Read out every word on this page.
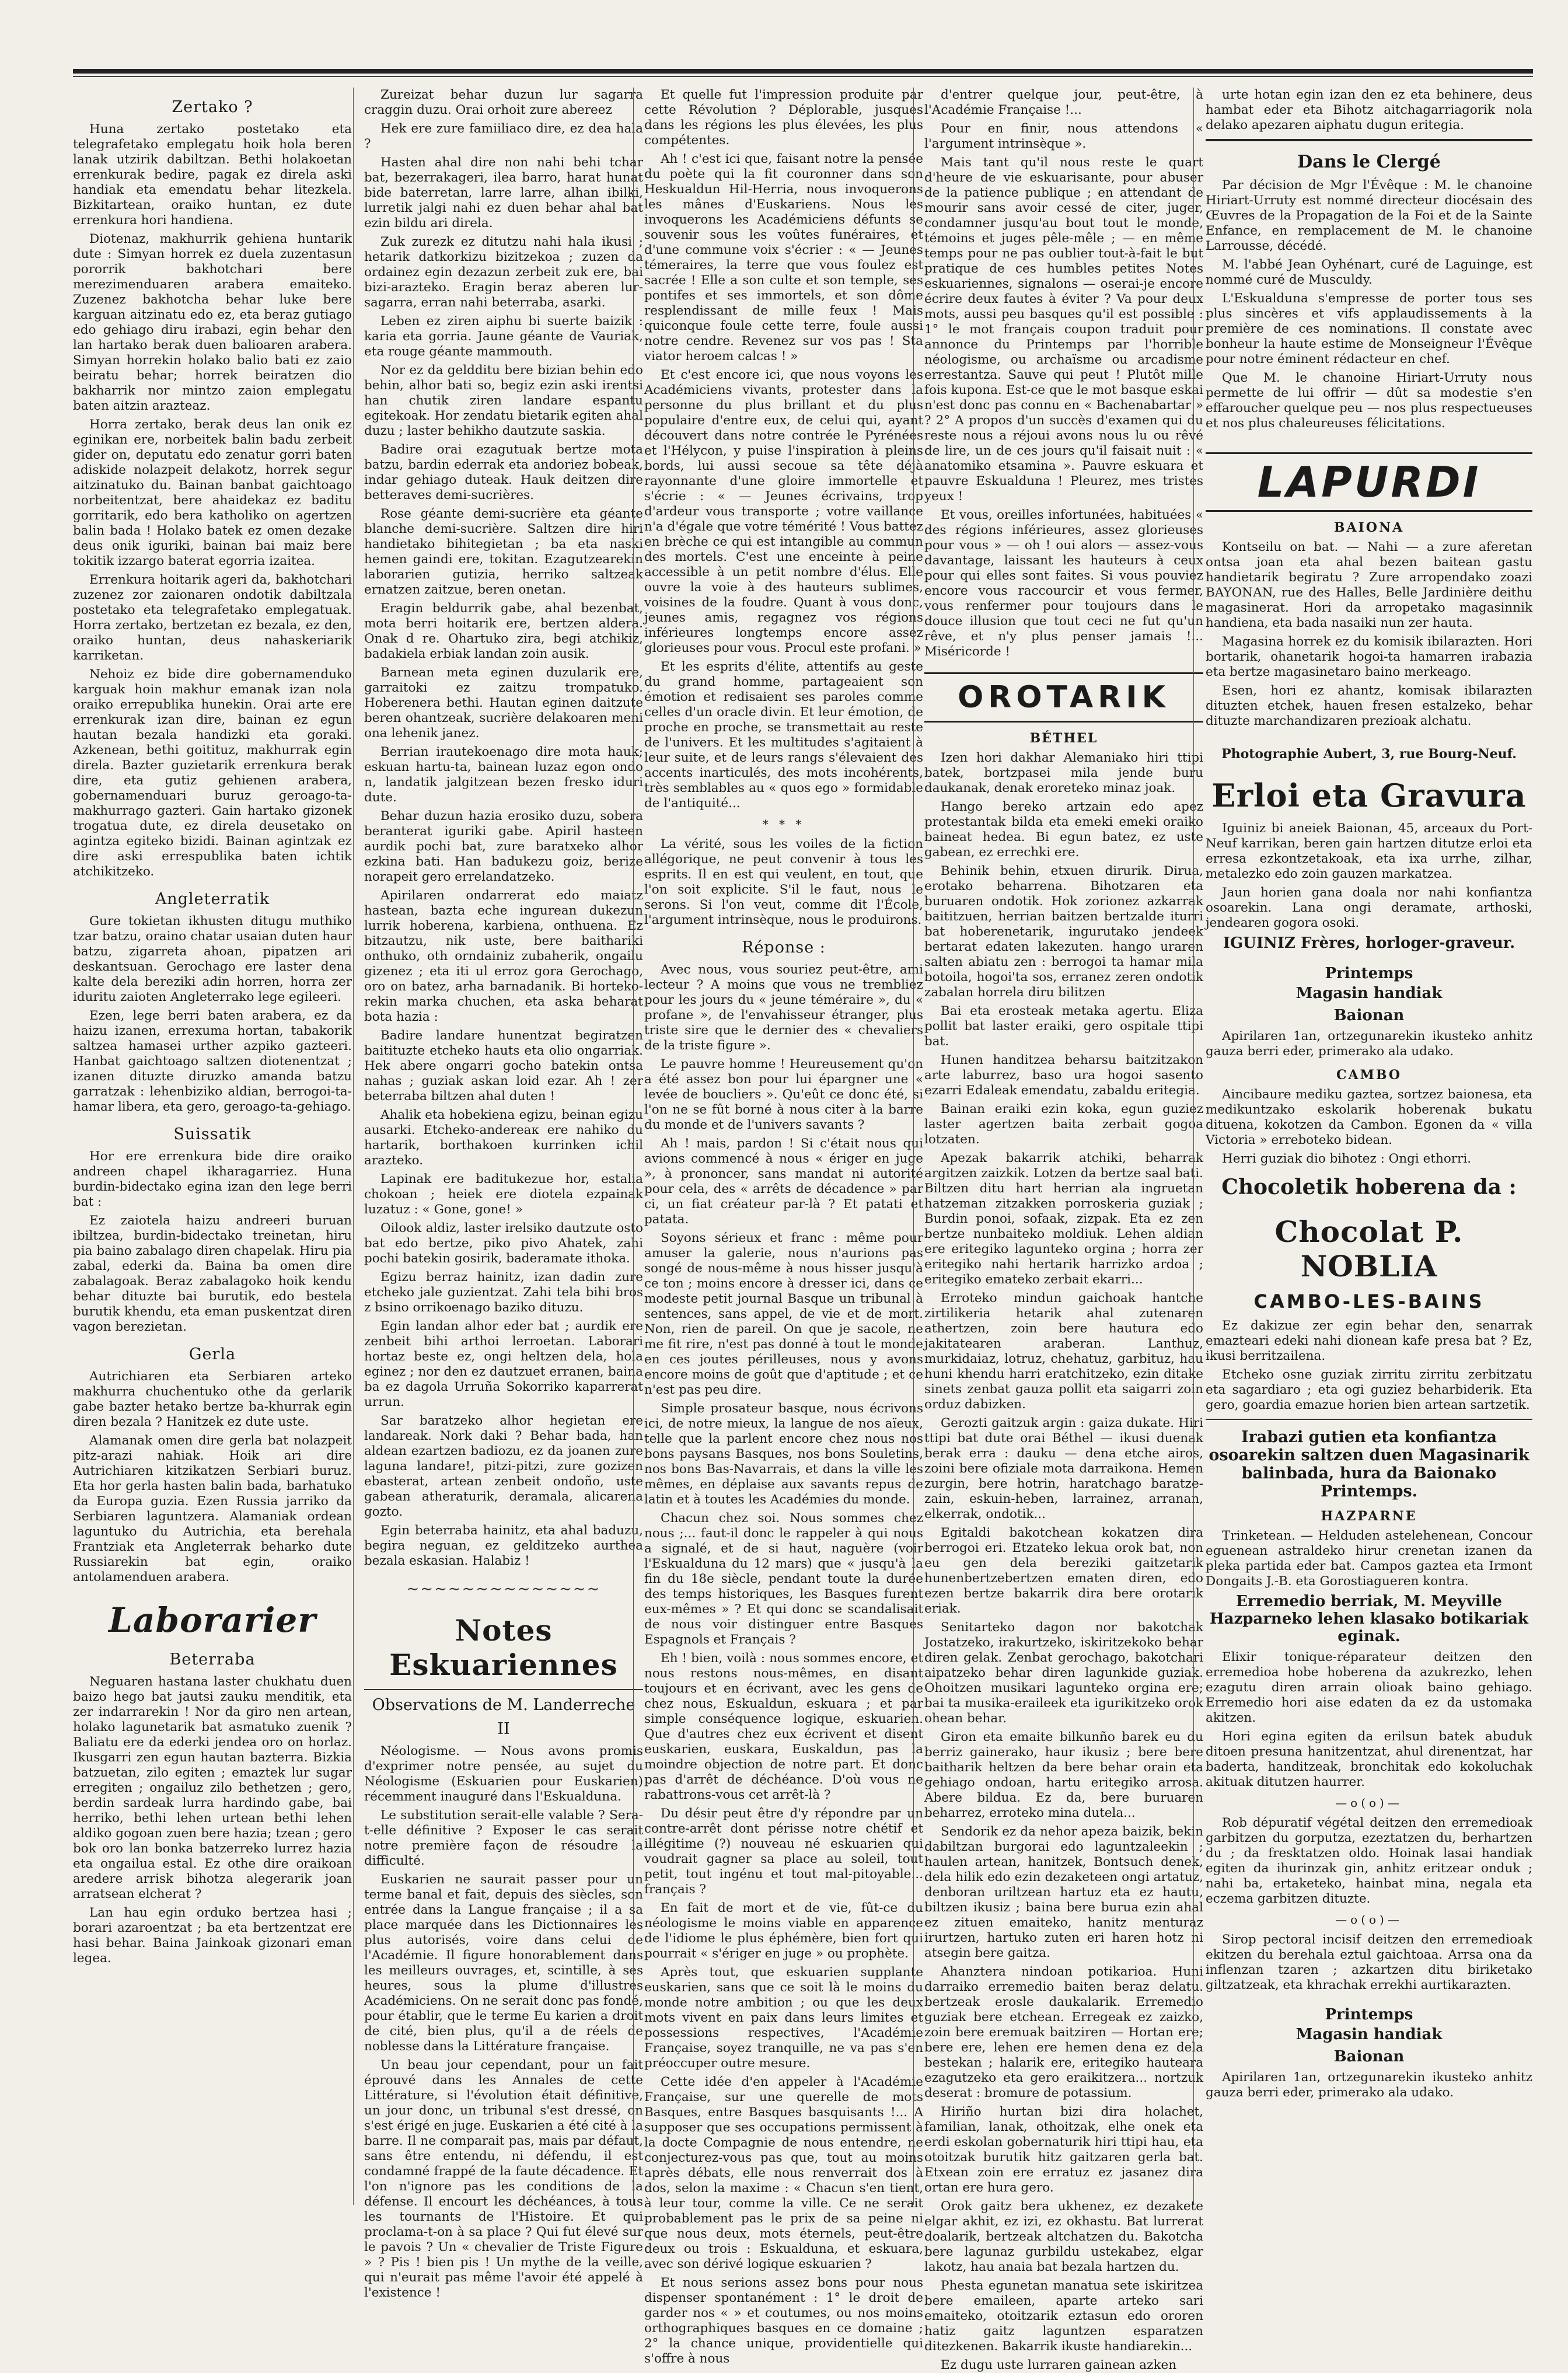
Zertako ?

Huna zertako postetako eta telegrafetako emplegatu hoik hola beren lanak utzirik dabiltzan. Bethi holakoetan errenkurak bedire, pagak ez direla aski handiak eta emendatu behar litezkela. Bizkitartean, oraiko huntan, ez dute errenkura hori handiena.

Diotenaz, makhurrik gehiena huntarik dute : Simyan horrek ez duela zuzentasun pororrik bakhotchari bere merezimenduaren arabera emaiteko. Zuzenez bakhotcha behar luke bere karguan aitzinatu edo ez, eta beraz gutiago edo gehiago diru irabazi, egin behar den lan hartako berak duen balioaren arabera. Simyan horrekin holako balio bati ez zaio beiratu behar; horrek beiratzen dio bakharrik nor mintzo zaion emplegatu baten aitzin arazteaz.

Horra zertako, berak deus lan onik ez eginikan ere, norbeitek balin badu zerbeit gider on, deputatu edo zenatur gorri baten adiskide nolazpeit delakotz, horrek segur aitzinatuko du. Bainan banbat gaichtoago norbeitentzat, bere ahaidekaz ez baditu gorritarik, edo bera katholiko on agertzen balin bada ! Holako batek ez omen dezake deus onik iguriki, bainan bai maiz bere tokitik izzargo baterat egorria izaitea.

Errenkura hoitarik ageri da, bakhotchari zuzenez zor zaionaren ondotik dabiltzala postetako eta telegrafetako emplegatuak. Horra zertako, bertzetan ez bezala, ez den, oraiko huntan, deus nahaskeriarik karriketan.

Nehoiz ez bide dire gobernamenduko karguak hoin makhur emanak izan nola oraiko errepublika hunekin. Orai arte ere errenkurak izan dire, bainan ez egun hautan bezala handizki eta goraki. Azkenean, bethi goitituz, makhurrak egin direla. Bazter guzietarik errenkura berak dire, eta gutiz gehienen arabera, gobernamenduari buruz geroago-ta-makhurrago gazteri. Gain hartako gizonek trogatua dute, ez direla deusetako on agintza egiteko bizidi. Bainan agintzak ez dire aski errespublika baten ichtik atchikitzeko.

Angleterratik

Gure tokietan ikhusten ditugu muthiko tzar batzu, oraino chatar usaian duten haur batzu, zigarreta ahoan, pipatzen ari deskantsuan. Gerochago ere laster dena kalte dela bereziki adin horren, horra zer iduritu zaioten Angleterrako lege egileeri.

Ezen, lege berri baten arabera, ez da haizu izanen, errexuma hortan, tabakorik saltzea hamasei urther azpiko gazteeri. Hanbat gaichtoago saltzen diotenentzat ; izanen dituzte diruzko amanda batzu garratzak : lehenbiziko aldian, berrogoi-ta-hamar libera, eta gero, geroago-ta-gehiago.

Suissatik

Hor ere errenkura bide dire oraiko andreen chapel ikharagarriez. Huna burdin-bidectako egina izan den lege berri bat :

Ez zaiotela haizu andreeri buruan ibiltzea, burdin-bidectako treinetan, hiru pia baino zabalago diren chapelak. Hiru pia zabal, ederki da. Baina ba omen dire zabalagoak. Beraz zabalagoko hoik kendu behar dituzte bai burutik, edo bestela burutik khendu, eta eman puskentzat diren vagon berezietan.

Gerla

Autrichiaren eta Serbiaren arteko makhurra chuchentuko othe da gerlarik gabe bazter hetako bertze ba-khurrak egin diren bezala ? Hanitzek ez dute uste.

Alamanak omen dire gerla bat nolazpeit pitz-arazi nahiak. Hoik ari dire Autrichiaren kitzikatzen Serbiari buruz. Eta hor gerla hasten balin bada, barhatuko da Europa guzia. Ezen Russia jarriko da Serbiaren laguntzera. Alamaniak ordean laguntuko du Autrichia, eta berehala Frantziak eta Angleterrak beharko dute Russiarekin bat egin, oraiko antolamenduen arabera.

Laborarier
Beterraba

Neguaren hastana laster chukhatu duen baizo hego bat jautsi zauku menditik, eta zer indarrarekin ! Nor da giro nen artean, holako lagunetarik bat asmatuko zuenik ? Baliatu ere da ederki jendea oro on horlaz. Ikusgarri zen egun hautan bazterra. Bizkia batzuetan, zilo egiten ; emaztek lur sugar erregiten ; ongailuz zilo bethetzen ; gero, berdin sardeak lurra hardindo gabe, bai herriko, bethi lehen urtean bethi lehen aldiko gogoan zuen bere hazia; tzean ; gero bok oro lan bonka batzerreko lurrez hazia eta ongailua estal. Ez othe dire oraikoan aredere arrisk bihotza alegerarik joan arratsean elcherat ?

Lan hau egin orduko bertzea hasi ; borari azaroentzat ; ba eta bertzentzat ere hasi behar. Baina Jainkoak gizonari eman legea.

Zureizat behar duzun lur sagarra craggin duzu. Orai orhoit zure abereez

Hek ere zure famiiliaco dire, ez dea hala ?

Hasten ahal dire non nahi behi tchar bat, bezerrakageri, ilea barro, harat hunat bide baterretan, larre larre, alhan ibilki, lurretik jalgi nahi ez duen behar ahal bat ezin bildu ari direla.

Zuk zurezk ez ditutzu nahi hala ikusi ; hetarik datkorkizu bizitzekoa ; zuzen da ordainez egin dezazun zerbeit zuk ere, bai bizi-arazteko. Eragin beraz aberen lur-sagarra, erran nahi beterraba, asarki.

Leben ez ziren aiphu bi suerte baizik : karia eta gorria. Jaune géante de Vauriak, eta rouge géante mammouth.

Nor ez da geldditu bere bizian behin edo behin, alhor bati so, begiz ezin aski irentsi han chutik ziren landare espantu egitekoak. Hor zendatu bietarik egiten ahal duzu ; laster behikho dautzute saskia.

Badire orai ezagutuak bertze mota batzu, bardin ederrak eta andoriez bobeak, indar gehiago duteak. Hauk deitzen dire betteraves demi-sucrières.

Rose géante demi-sucrière eta géante blanche demi-sucrière. Saltzen dire hiri handietako bihitegietan ; ba eta naski hemen gaindi ere, tokitan. Ezagutzearekin laborarien gutizia, herriko saltzeak ernatzen zaitzue, beren onetan.

Eragin beldurrik gabe, ahal bezenbat, mota berri hoitarik ere, bertzen aldera. Onak d re. Ohartuko zira, begi atchikiz, badakiela erbiak landan zoin ausik.

Barnean meta eginen duzularik ere, garraitoki ez zaitzu trompatuko. Hoberenera bethi. Hautan eginen daitzute beren ohantzeak, sucrière delakoaren meni ona lehenik janez.

Berrian irautekoenago dire mota hauk; eskuan hartu-ta, bainean luzaz egon ondo n, landatik jalgitzean bezen fresko iduri dute.

Behar duzun hazia erosiko duzu, sobera beranterat iguriki gabe. Apiril hasteen aurdik pochi bat, zure baratxeko alhor ezkina bati. Han badukezu goiz, berize norapeit gero errelandatzeko.

Apirilaren ondarrerat edo maiatz hastean, bazta eche ingurean dukezun lurrik hoberena, karbiena, onthuena. Ez bitzautzu, nik uste, bere baithariki onthuko, oth orndainiz zubaherik, ongailu gizenez ; eta iti ul erroz gora Gerochago, oro on batez, arha barnadanik. Bi horteko-rekin marka chuchen, eta aska beharat bota hazia :

Badire landare hunentzat begiratzen baitituzte etcheko hauts eta olio ongarriak. Hek abere ongarri gocho batekin ontsa nahas ; guziak askan loid ezar. Ah ! zer beterraba biltzen ahal duten !

Ahalik eta hobekiena egizu, beinan egizu ausarki. Etcheko-anderеак ere nahiko du hartarik, borthakoen kurrinken ichil arazteko.

Lapinak ere baditukezue hor, estalia chokoan ; heiek ere diotela ezpainak luzatuz : « Gone, gone! »

Oilook aldiz, laster irelsiko dautzute osto bat edo bertze, piko pivo Ahatek, zahi pochi batekin gosirik, baderamate ithoka.

Egizu berraz hainitz, izan dadin zure etcheko jale guzientzat. Zahi tela bihi bros z bsino orrikoenago baziko dituzu.

Egin landan alhor eder bat ; aurdik ere zenbeit bihi arthoi lerroetan. Laborari hortaz beste ez, ongi heltzen dela, hola eginez ; nor den ez dautzuet erranen, baina ba ez dagola Urruña Sokorriko kaparrerat urrun.

Sar baratzeko alhor hegietan ere landareak. Nork daki ? Behar bada, han aldean ezartzen badiozu, ez da joanen zure laguna landare!, pitzi-pitzi, zure gozizen ebasterat, artean zenbeit ondoño, uste gabean atheraturik, deramala, alicarenа gozto.

Egin beterraba hainitz, eta ahal baduzu, begira neguan, ez gelditzeko aurthea bezala eskasian. Halabiz !

∼∼∼∼∼∼∼∼∼∼∼∼∼∼
Notes Eskuariennes
Observations de M. Landerreche
II

Néologisme. — Nous avons promis d'exprimer notre pensée, au sujet du Néologisme (Eskuarien pour Euskarien) récemment inauguré dans l'Eskualduna.

Le substitution serait-elle valable ? Sera-t-elle définitive ? Exposer le cas serait notre première façon de résoudre la difficulté.

Euskarien ne saurait passer pour un terme banal et fait, depuis des siècles, son entrée dans la Langue française ; il a sa place marquée dans les Dictionnaires les plus autorisés, voire dans celui de l'Académie. Il figure honorablement dans les meilleurs ouvrages, et, scintille, à ses heures, sous la plume d'illustres Académiciens. On ne serait donc pas fondé, pour établir, que le terme Eu karien a droit de cité, bien plus, qu'il a de réels de noblesse dans la Littérature française.

Un beau jour cependant, pour un fait éprouvé dans les Annales de cette Littérature, si l'évolution était définitive, un jour donc, un tribunal s'est dressé, on s'est érigé en juge. Euskarien a été cité à la barre. Il ne comparait pas, mais par défaut, sans être entendu, ni défendu, il est condamné frappé de la faute décadence. Et l'on n'ignore pas les conditions de la défense. Il encourt les déchéances, à tous les tournants de l'Histoire. Et qui proclama-t-on à sa place ? Qui fut élevé sur le pavois ? Un « chevalier de Triste Figure » ? Pis ! bien pis ! Un mythe de la veille, qui n'eurait pas même l'avoir été appelé à l'existence !

Et quelle fut l'impression produite par cette Révolution ? Déplorable, jusques dans les régions les plus élevées, les plus compétentes.

Ah ! c'est ici que, faisant notre la pensée du poète qui la fit couronner dans son Heskualdun Hil-Herria, nous invoquerons les mânes d'Euskariens. Nous les invoquerons les Académiciens défunts se souvenir sous les voûtes funéraires, et d'une commune voix s'écrier : « — Jeunes témeraires, la terre que vous foulez est sacrée ! Elle a son culte et son temple, ses pontifes et ses immortels, et son dôme resplendissant de mille feux ! Mais quiconque foule cette terre, foule aussi notre cendre. Revenez sur vos pas ! Sta viator heroem calcas ! »

Et c'est encore ici, que nous voyons les Académiciens vivants, protester dans la personne du plus brillant et du plus populaire d'entre eux, de celui qui, ayant découvert dans notre contrée le Pyrénées et l'Hélycon, y puise l'inspiration à pleins bords, lui aussi secoue sa tête déjà rayonnante d'une gloire immortelle et s'écrie : « — Jeunes écrivains, trop d'ardeur vous transporte ; votre vaillance n'a d'égale que votre témérité ! Vous battez en brèche ce qui est intangible au commun des mortels. C'est une enceinte à peine accessible à un petit nombre d'élus. Elle ouvre la voie à des hauteurs sublimes, voisines de la foudre. Quant à vous donc, jeunes amis, regagnez vos régions inférieures longtemps encore assez glorieuses pour vous. Procul este profani. »

Et les esprits d'élite, attentifs au geste du grand homme, partageaient son émotion et redisaient ses paroles comme celles d'un oracle divin. Et leur émotion, de proche en proche, se transmettait au reste de l'univers. Et les multitudes s'agitaient à leur suite, et de leurs rangs s'élevaient des accents inarticulés, des mots incohérents, très semblables au « quos ego » formidable de l'antiquité...

* * *

La vérité, sous les voiles de la fiction allégorique, ne peut convenir à tous les esprits. Il en est qui veulent, en tout, que l'on soit explicite. S'il le faut, nous le serons. Si l'on veut, comme dit l'École, l'argument intrinsèque, nous le produirons.

Réponse :

Avec nous, vous souriez peut-être, ami lecteur ? A moins que vous ne trembliez pour les jours du « jeune téméraire », du « profane », de l'envahisseur étranger, plus triste sire que le dernier des « chevaliers de la triste figure ».

Le pauvre homme ! Heureusement qu'on a été assez bon pour lui épargner une « levée de boucliers ». Qu'eût ce donc été, si l'on ne se fût borné à nous citer à la barre du monde et de l'univers savants ?

Ah ! mais, pardon ! Si c'était nous qui avions commencé à nous « ériger en juge », à prononcer, sans mandat ni autorité pour cela, des « arrêts de décadence » par ci, un fiat créateur par-là ? Et patati et patata.

Soyons sérieux et franc : même pour amuser la galerie, nous n'aurions pas songé de nous-même à nous hisser jusqu'à ce ton ; moins encore à dresser ici, dans ce modeste petit journal Basque un tribunal à sentences, sans appel, de vie et de mort. Non, rien de pareil. On que je sacole, ne me fit rire, n'est pas donné à tout le monde en ces joutes périlleuses, nous y avons encore moins de goût que d'aptitude ; et ce n'est pas peu dire.

Simple prosateur basque, nous écrivons ici, de notre mieux, la langue de nos aïeux, telle que la parlent encore chez nous nos bons paysans Basques, nos bons Souletins, nos bons Bas-Navarrais, et dans la ville les mêmes, en déplaise aux savants repus de latin et à toutes les Académies du monde.

Chacun chez soi. Nous sommes chez nous ;... faut-il donc le rappeler à qui nous a signalé, et de si haut, naguère (voir l'Eskualduna du 12 mars) que « jusqu'à la fin du 18e siècle, pendant toute la durée des temps historiques, les Basques furent eux-mêmes » ? Et qui donc se scandalisait de nous voir distinguer entre Basques Espagnols et Français ?

Eh ! bien, voilà : nous sommes encore, et nous restons nous-mêmes, en disant toujours et en écrivant, avec les gens de chez nous, Eskualdun, eskuara ; et par simple conséquence logique, eskuarien. Que d'autres chez eux écrivent et disent euskarien, euskara, Euskaldun, pas la moindre objection de notre part. Et donc pas d'arrêt de déchéance. D'où vous ne rabattrons-vous cet arrêt-là ?

Du désir peut être d'y répondre par un contre-arrêt dont périsse notre chétif et illégitime (?) nouveau né eskuarien qui voudrait gagner sa place au soleil, tout petit, tout ingénu et tout mal-pitoyable... français ?

En fait de mort et de vie, fût-ce du néologisme le moins viable en apparence de l'idiome le plus éphémère, bien fort qui pourrait « s'ériger en juge » ou prophète.

Après tout, que eskuarien supplante euskarien, sans que ce soit là le moins du monde notre ambition ; ou que les deux mots vivent en paix dans leurs limites et possessions respectives, l'Académie Française, soyez tranquille, ne va pas s'en préoccuper outre mesure.

Cette idée d'en appeler à l'Académie Française, sur une querelle de mots Basques, entre Basques basquisants !... A supposer que ses occupations permissent à la docte Compagnie de nous entendre, ne conjecturez-vous pas que, tout au moins après débats, elle nous renverrait dos à dos, selon la maxime : « Chacun s'en tient, à leur tour, comme la ville. Ce ne serait probablement pas le prix de sa peine ni que nous deux, mots éternels, peut-être deux ou trois : Eskualduna, et eskuara, avec son dérivé logique eskuarien ?

Et nous serions assez bons pour nous dispenser spontanément : 1° le droit de garder nos « » et coutumes, ou nos moins orthographiques basques en ce domaine ; 2° la chance unique, providentielle qui s'offre à nous

d'entrer quelque jour, peut-être, à l'Académie Française !...

Pour en finir, nous attendons « l'argument intrinsèque ».

Mais tant qu'il nous reste le quart d'heure de vie eskuarisante, pour abuser de la patience publique ; en attendant de mourir sans avoir cessé de citer, juger, condamner jusqu'au bout tout le monde, témoins et juges pêle-mêle ; — en même temps pour ne pas oublier tout-à-fait le but pratique de ces humbles petites Notes eskuariennes, signalons — oserai-je encore écrire deux fautes à éviter ? Va pour deux mots, aussi peu basques qu'il est possible : 1° le mot français coupon traduit pour annonce du Printemps par l'horrible néologisme, ou archaïsme ou arcadisme errestantza. Sauve qui peut ! Plutôt mille fois kupona. Est-ce que le mot basque eskai n'est donc pas connu en « Bachenabartar » ? 2° A propos d'un succès d'examen qui du reste nous a réjoui avons nous lu ou rêvé de lire, un de ces jours qu'il faisait nuit : « anatomiko etsamina ». Pauvre eskuara et pauvre Eskualduna ! Pleurez, mes tristes yeux !

Et vous, oreilles infortunées, habituées « des régions inférieures, assez glorieuses pour vous » — oh ! oui alors — assez-vous davantage, laissant les hauteurs à ceux pour qui elles sont faites. Si vous pouviez encore vous raccourcir et vous fermer, vous renfermer pour toujours dans le douce illusion que tout ceci ne fut qu'un rêve, et n'y plus penser jamais !... Miséricorde !

OROTARIK
BÉTHEL

Izen hori dakhar Alemaniako hiri ttipi batek, bortzpasei mila jende buru daukanak, denak eroreteko minaz joak.

Hango bereko artzain edo apez protestantak bilda eta emeki emeki oraiko baineat hedea. Bi egun batez, ez uste gabean, ez errechki ere.

Behinik behin, etxuen dirurik. Dirua, erotako beharrena. Bihotzaren eta buruaren ondotik. Hok zorionez azkarrak baititzuen, herrian baitzen bertzalde iturri bat hoberenetarik, ingurutako jendeek bertarat edaten lakezuten. hango uraren salten abiatu zen : berrogoi ta hamar mila botoila, hogoi'ta sos, erranez zeren ondotik zabalan horrela diru bilitzen

Bai eta erosteak metaka agertu. Eliza pollit bat laster eraiki, gero ospitale ttipi bat.

Hunen handitzea beharsu baitzitzakon arte laburrez, baso ura hogoi sasento ezarri Edaleak emendatu, zabaldu eritegia.

Bainan eraiki ezin koka, egun guziez laster agertzen baita zerbait gogoa lotzaten.

Apezak bakarrik atchiki, beharrak argitzen zaizkik. Lotzen da bertze saal bati. Biltzen ditu hart herrian ala ingruetan hatzeman zitzakken porroskeria guziak ; Burdin ponoi, sofaak, zizpak. Eta ez zen bertze nunbaiteko moldiuk. Lehen aldian ere eritegiko lagunteko orgina ; horra zer eritegiko nahi hertarik harrizko ardoa ; eritegiko emateko zerbait ekarri...

Erroteko mindun gaichoak hantche zirtilikeria hetarik ahal zutenaren athertzen, zoin bere hautura edo jakitatearen araberan. Lanthuz, murkidaiaz, lotruz, chehatuz, garbituz, hau huni khendu harri eratchitzeko, ezin ditake sinets zenbat gauza pollit eta saigarri zoin orduz dabizken.

Gerozti gaitzuk argin : gaiza dukate. Hiri ttipi bat dute orai Béthel — ikusi duenak berak erra : dauku — dena etche airos, zoini bere ofiziale mota darraikona. Hemen zurgin, bere hotrin, haratchago baratze-zain, eskuin-heben, larrainez, arranan, elkerrak, ondotik...

Egitaldi bakotchean kokatzen dira berrogoi eri. Etzateko lekua orok bat, non eu gen dela bereziki gaitzetarik hunenbertzebertzen ematen diren, edo ezen bertze bakarrik dira bere orotarik eriak.

Senitarteko dagon nor bakotchak Jostatzeko, irakurtzeko, iskiritzekoko behar diren gelak. Zenbat gerochago, bakotchari aipatzeko behar diren lagunkide guziak. Ohoitzen musikari lagunteko orgina ere; bai ta musika-eraileek eta igurikitzeko orok ohean behar.

Giron eta emaite bilkunño barek eu du berriz gainerako, haur ikusiz ; bere bere baitharik heltzen da bere behar orain eta gehiago ondoan, hartu eritegiko arrosa. Abere bildua. Ez da, bere buruaren beharrez, erroteko mina dutela...

Sendorik ez da nehor apeza baizik, bekin dabiltzan burgorai edo laguntzaleekin ; haulen artean, hanitzek, Bontsuch denek, dela hilik edo ezin dezaketeen ongi artatuz, denboran uriltzean hartuz eta ez hautu, biltzen ikusiz ; baina bere burua ezin ahal ez zituen emaiteko, hanitz menturaz irurtzen, hartuko zuten eri haren hotz ni atsegin bere gaitza.

Ahanztera nindoan potikarioa. Huni darraiko erremedio baiten beraz delatu. bertzeak erosle daukalarik. Erremedio guziak bere etchean. Erregeak ez zaizko, zoin bere eremuak baitziren — Hortan ere; bere ere, lehen ere hemen dena ez dela bestekan ; halarik ere, eritegiko hauteara ezagutzeko eta gero eraikitzera... nortzuk deserat : bromure de potassium.

Hiriño hurtan bizi dira holachet, familian, lanak, othoitzak, elhe onek eta erdi eskolan gobernaturik hiri ttipi hau, eta otoitzak burutik hitz gaitzaren gerla bat. Etxean zoin ere erratuz ez jasanez dira ortan ere hura gero.

Orok gaitz bera ukhenez, ez dezakete elgar akhit, ez izi, ez okhastu. Bat lurrerat doalarik, bertzeak altchatzen du. Bakotcha bere lagunaz gurbildu ustekabez, elgar lakotz, hau anaia bat bezala hartzen du.

Phesta egunetan manatua sete iskiritzea bere emaileen, aparte arteko sari emaiteko, otoitzarik eztasun edo ororen hatiz gaitz laguntzen esparatzen ditezkenen. Bakarrik ikuste handiarekin...

Ez dugu uste lurraren gainean azken

urte hotan egin izan den ez eta behinere, deus hambat eder eta Bihotz aitchagarriagorik nola delako apezaren aiphatu dugun eritegia.

Dans le Clergé

Par décision de Mgr l'Évêque : M. le chanoine Hiriart-Urruty est nommé directeur diocésain des Œuvres de la Propagation de la Foi et de la Sainte Enfance, en remplacement de M. le chanoine Larrousse, décédé.

M. l'abbé Jean Oyhénart, curé de Laguinge, est nommé curé de Musculdy.

L'Eskualduna s'empresse de porter tous ses plus sincères et vifs applaudissements à la première de ces nominations. Il constate avec bonheur la haute estime de Monseigneur l'Évêque pour notre éminent rédacteur en chef.

Que M. le chanoine Hiriart-Urruty nous permette de lui offrir — dût sa modestie s'en effaroucher quelque peu — nos plus respectueuses et nos plus chaleureuses félicitations.

LAPURDI
BAIONA

Kontseilu on bat. — Nahi — a zure aferetan ontsa joan eta ahal bezen baitean gastu handietarik begiratu ? Zure arropendako zoazi BAYONAN, rue des Halles, Belle Jardinière deithu magasinerat. Hori da arropetako magasinnik handiena, eta bada nasaiki nun zer hauta.

Magasina horrek ez du komisik ibilarazten. Hori bortarik, ohanetarik hogoi-ta hamarren irabazia eta bertze magasinetaro baino merkeago.

Esen, hori ez ahantz, komisak ibilarazten dituzten etchek, hauen fresen estalzeko, behar dituzte marchandizaren prezioak alchatu.

Photographie Aubert, 3, rue Bourg-Neuf.
Erloi eta Gravura

Iguiniz bi aneiek Baionan, 45, arceaux du Port-Neuf karrikan, beren gain hartzen ditutze erloi eta erresa ezkontzetakoak, eta ixa urrhe, zilhar, metalezko edo zoin gauzen markatzea.

Jaun horien gana doala nor nahi konfiantza osoarekin. Lana ongi deramate, arthoski, jendearen gogora osoki.

IGUINIZ Frères, horloger-graveur.
Printemps
Magasin handiak
Baionan

Apirilaren 1an, ortzegunarekin ikusteko anhitz gauza berri eder, primerako ala udako.

CAMBO

Aincibaure mediku gaztea, sortzez baionesa, eta medikuntzako eskolarik hoberenak bukatu dituena, kokotzen da Cambon. Egonen da « villa Victoria » erreboteko bidean.

Herri guziak dio bihotez : Ongi ethorri.

Chocoletik hoberena da :
Chocolat P. NOBLIA
CAMBO-LES-BAINS

Ez dakizue zer egin behar den, senarrak emazteari edeki nahi dionean kafe presa bat ? Ez, ikusi berritzailena.

Etcheko osne guziak zirritu zirritu zerbitzatu eta sagardiaro ; eta ogi guziez beharbiderik. Eta gero, goardia emazue horien bien artean sartzetik.

Irabazi gutien eta konfiantza osoarekin saltzen duen Magasinarik balinbada, hura da Baionako Printemps.
HAZPARNE

Trinketean. — Helduden astelehenean, Concour eguenean astraldeko hirur crenetan izanen da pleka partida eder bat. Campos gaztea eta Irmont Dongaits J.-B. eta Gorostiagueren kontra.

Erremedio berriak, M. Meyville Hazparneko lehen klasako botikariak eginak.

Elixir tonique-réparateur deitzen den erremedioa hobe hoberena da azukrezko, lehen ezagutu diren arrain olioak baino gehiago. Erremedio hori aise edaten da ez da ustomaka akitzen.

Hori egina egiten da erilsun batek abuduk ditoen presuna hanitzentzat, ahul direnentzat, har baderta, handitzeak, bronchitak edo kokoluchak akituak ditutzen haurrer.

—o(o)—

Rob dépuratif végétal deitzen den erremedioak garbitzen du gorputza, ezeztatzen du, berhartzen du ; da fresktatzen oldo. Hoinak lasai handiak egiten da ihurinzak gin, anhitz eritzear onduk ; nahi ba, ertaketeko, hainbat mina, negala eta eczema garbitzen dituzte.

—o(o)—

Sirop pectoral incisif deitzen den erremedioak ekitzen du berehala eztul gaichtoaa. Arrsa ona da inflenzan tzaren ; azkartzen ditu biriketako giltzatzeak, eta khrachak errekhi aurtikarazten.

Printemps
Magasin handiak
Baionan

Apirilaren 1an, ortzegunarekin ikusteko anhitz gauza berri eder, primerako ala udako.
